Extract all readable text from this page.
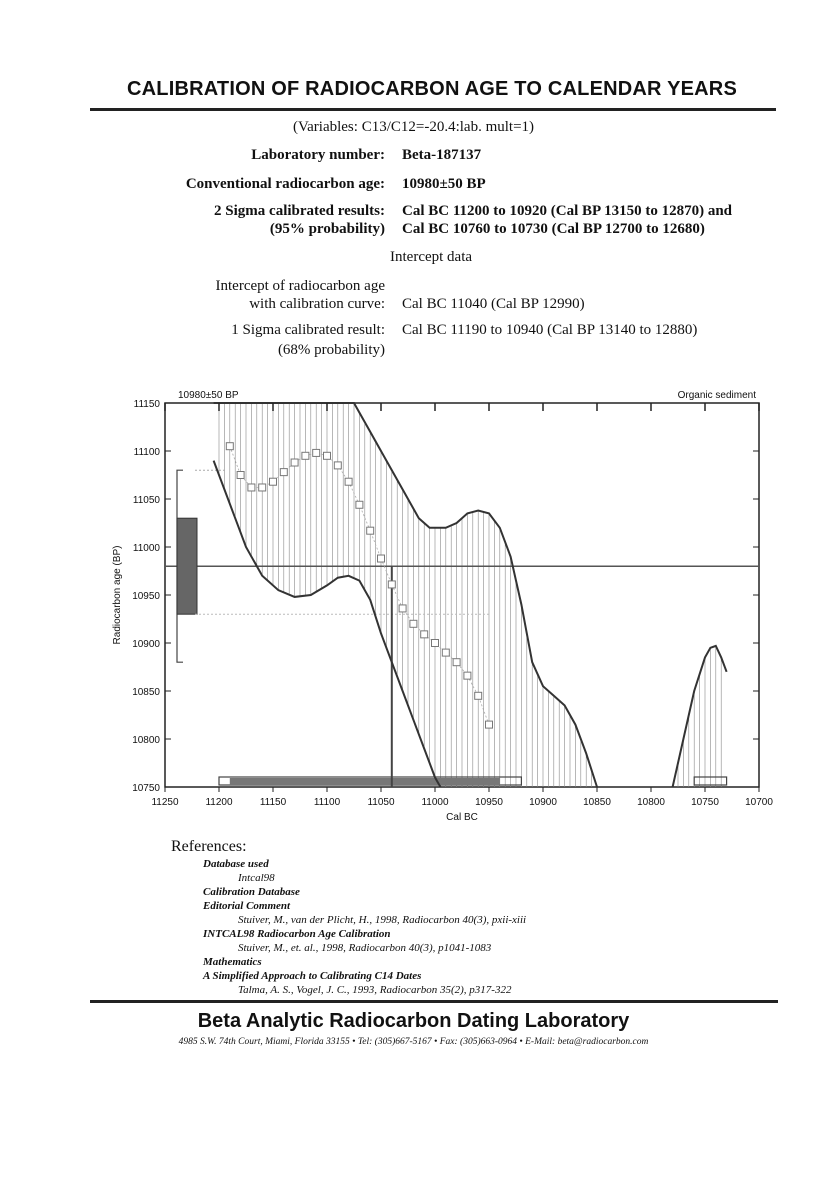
CALIBRATION OF RADIOCARBON AGE TO CALENDAR YEARS
(Variables: C13/C12=-20.4:lab. mult=1)
Laboratory number: Beta-187137
Conventional radiocarbon age: 10980±50 BP
2 Sigma calibrated results:
(95% probability)
Cal BC 11200 to 10920 (Cal BP 13150 to 12870) and
Cal BC 10760 to 10730 (Cal BP 12700 to 12680)
Intercept data
Intercept of radiocarbon age
with calibration curve: Cal BC 11040 (Cal BP 12990)
1 Sigma calibrated result:
(68% probability)
Cal BC 11190 to 10940 (Cal BP 13140 to 12880)
11150
11100
11050
11000
10950
10900
10850
10800
10750
11250	11200	11150	11100	11050	11000	10950	10900	10850	10800	10750	10700
10980±50 BP	Organic sediment
Cal BC
Radiocarbon age (BP)
References:
Database used
Intcal98
Calibration Database
Editorial Comment
Stuiver, M., van der Plicht, H., 1998, Radiocarbon 40(3), pxii-xiii
INTCAL98 Radiocarbon Age Calibration
Stuiver, M., et. al., 1998, Radiocarbon 40(3), p1041-1083
Mathematics
A Simplified Approach to Calibrating C14 Dates
Talma, A. S., Vogel, J. C., 1993, Radiocarbon 35(2), p317-322
Beta Analytic Radiocarbon Dating Laboratory
4985 S.W. 74th Court, Miami, Florida 33155 • Tel: (305)667-5167 • Fax: (305)663-0964 • E-Mail: beta@radiocarbon.com
